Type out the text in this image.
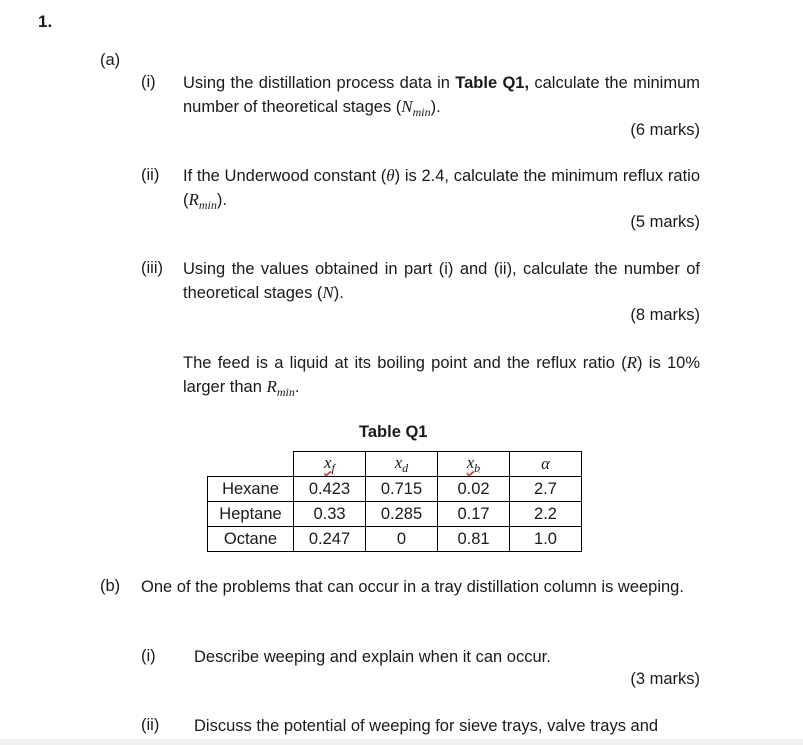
1.
(a)
(i) Using the distillation process data in Table Q1, calculate the minimum number of theoretical stages $(N_{min})$.
(6 marks)
(ii) If the Underwood constant (θ) is 2.4, calculate the minimum reflux ratio $(R_{min})$.
(5 marks)
(iii) Using the values obtained in part (i) and (ii), calculate the number of theoretical stages (N).
(8 marks)
The feed is a liquid at its boiling point and the reflux ratio (R) is 10% larger than $R_{min}$.
Table Q1
	$x_f$	$x_d$	$x_b$	α
Hexane	0.423	0.715	0.02	2.7
Heptane	0.33	0.285	0.17	2.2
Octane	0.247	0	0.81	1.0
(b) One of the problems that can occur in a tray distillation column is weeping.
(i) Describe weeping and explain when it can occur.
(3 marks)
(ii) Discuss the potential of weeping for sieve trays, valve trays and
